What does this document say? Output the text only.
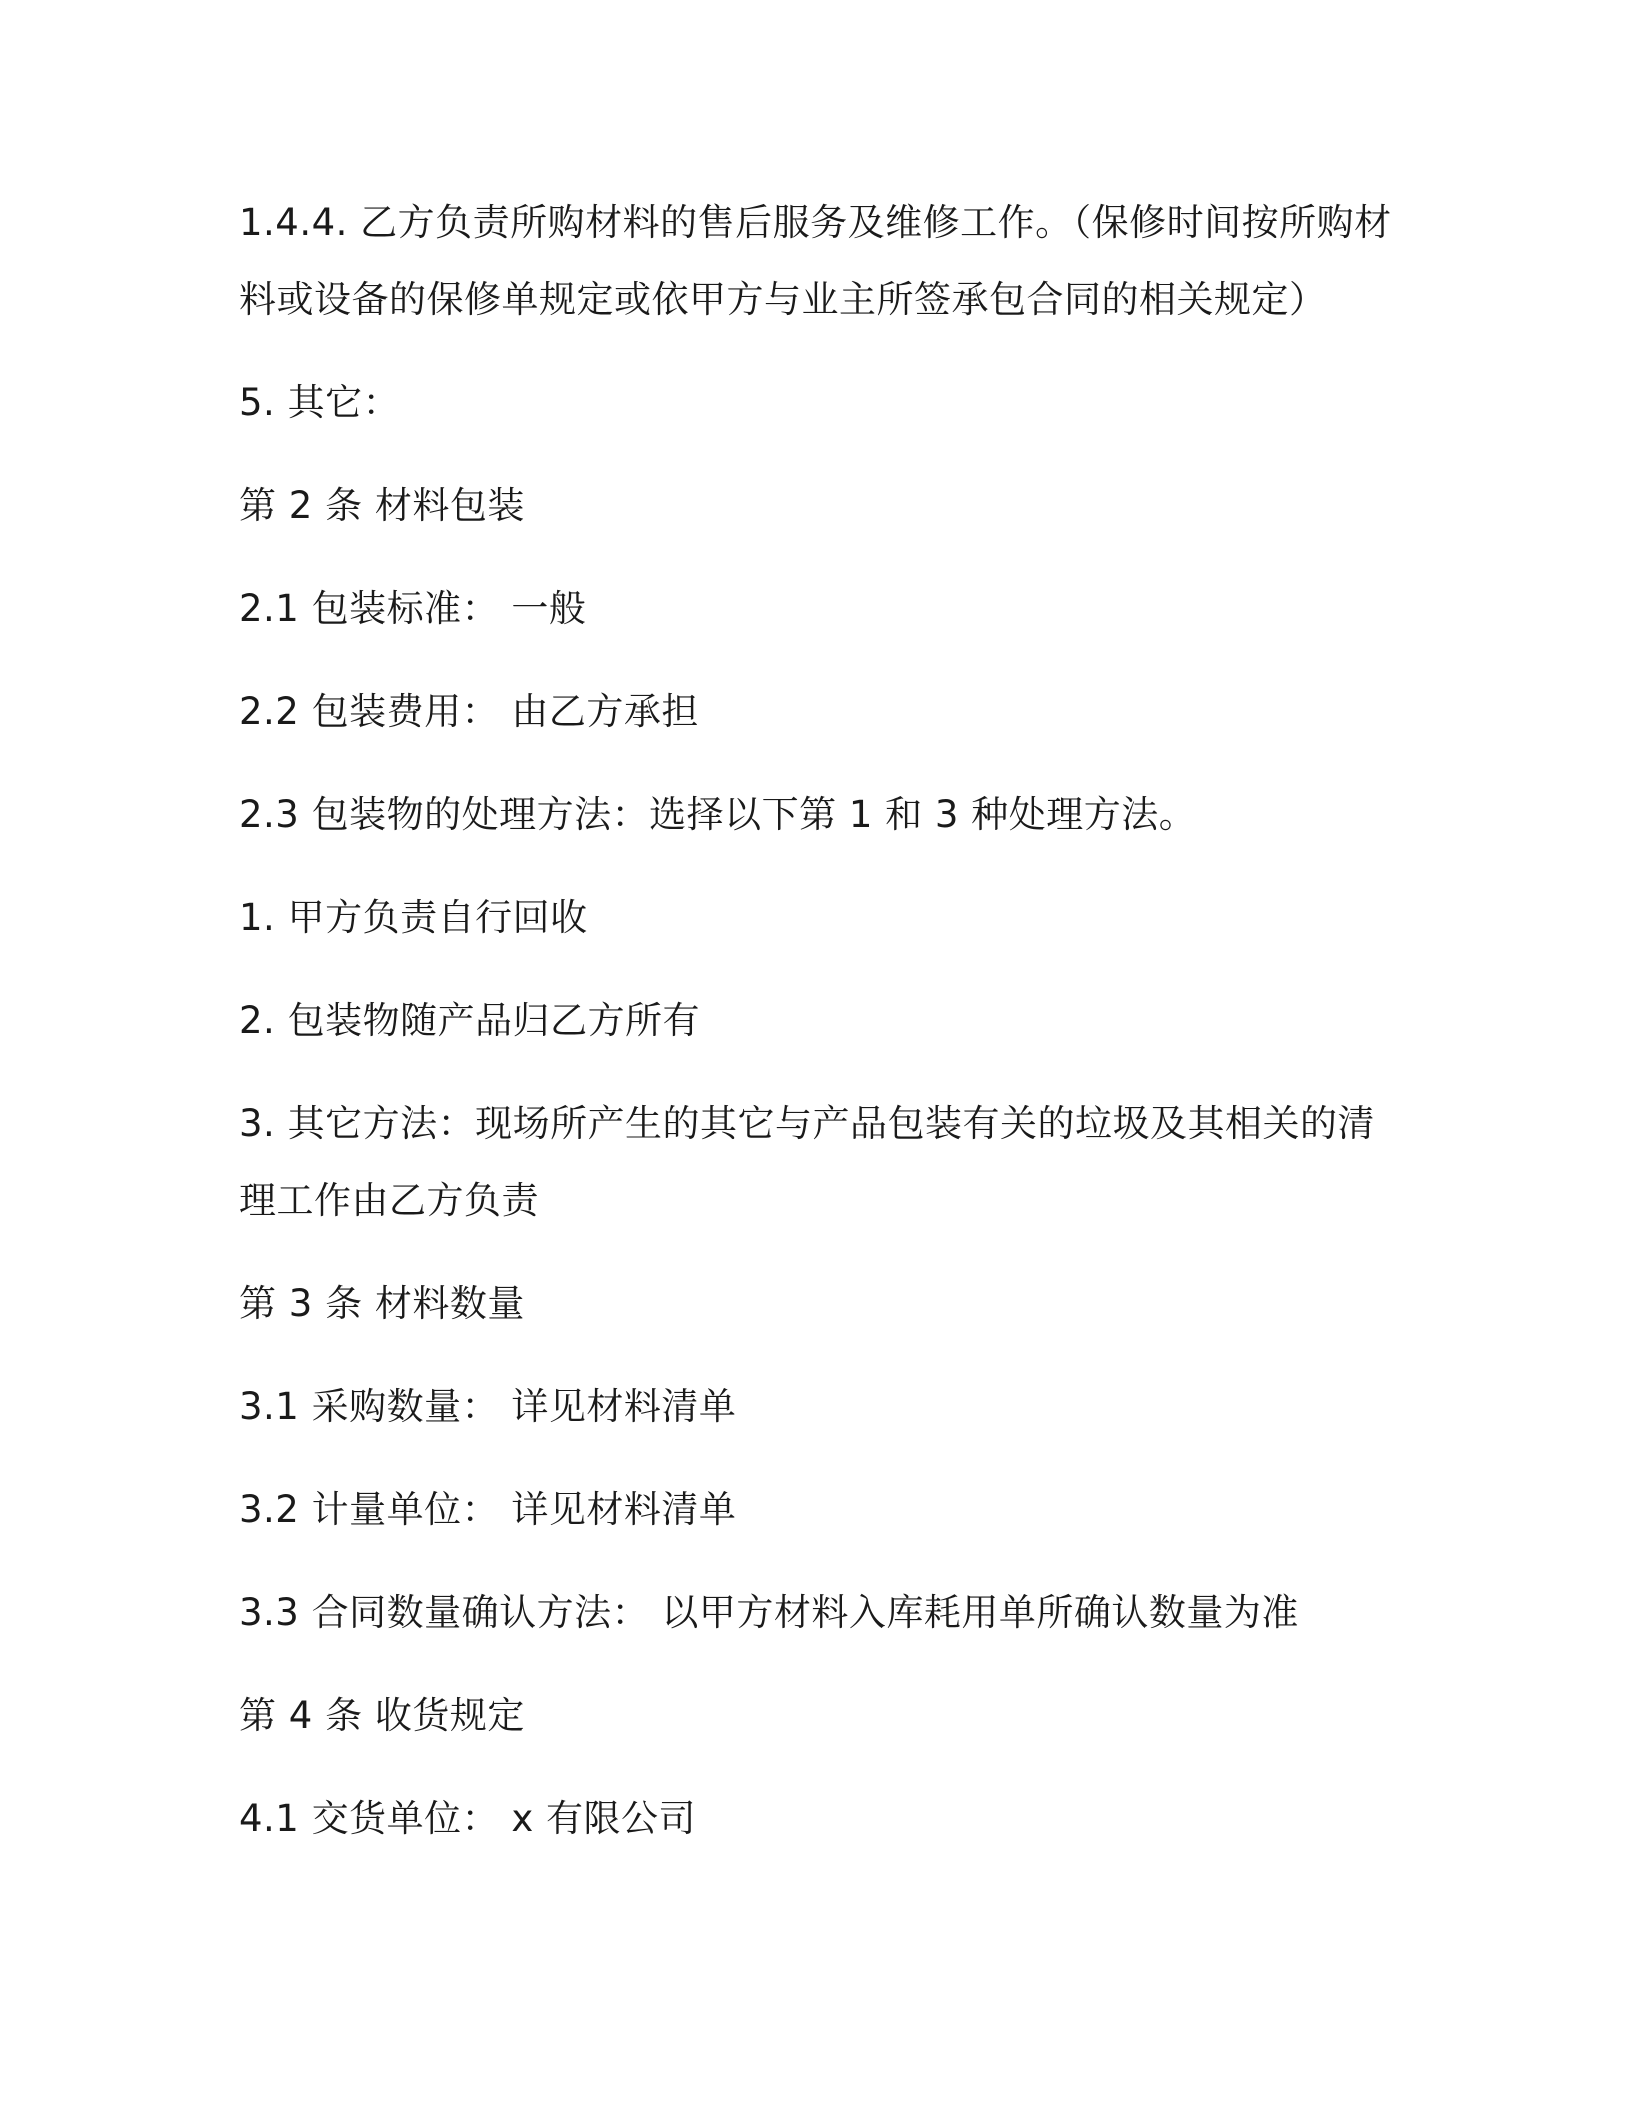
1.4.4. 乙方负责所购材料的售后服务及维修工作。（保修时间按所购材料或设备的保修单规定或依甲方与业主所签承包合同的相关规定）

5. 其它：

第 2 条 材料包装

2.1 包装标准： 一般

2.2 包装费用： 由乙方承担

2.3 包装物的处理方法：选择以下第 1 和 3 种处理方法。

1. 甲方负责自行回收

2. 包装物随产品归乙方所有

3. 其它方法：现场所产生的其它与产品包装有关的垃圾及其相关的清理工作由乙方负责

第 3 条 材料数量

3.1 采购数量： 详见材料清单

3.2 计量单位： 详见材料清单

3.3 合同数量确认方法： 以甲方材料入库耗用单所确认数量为准

第 4 条 收货规定

4.1 交货单位： x 有限公司
